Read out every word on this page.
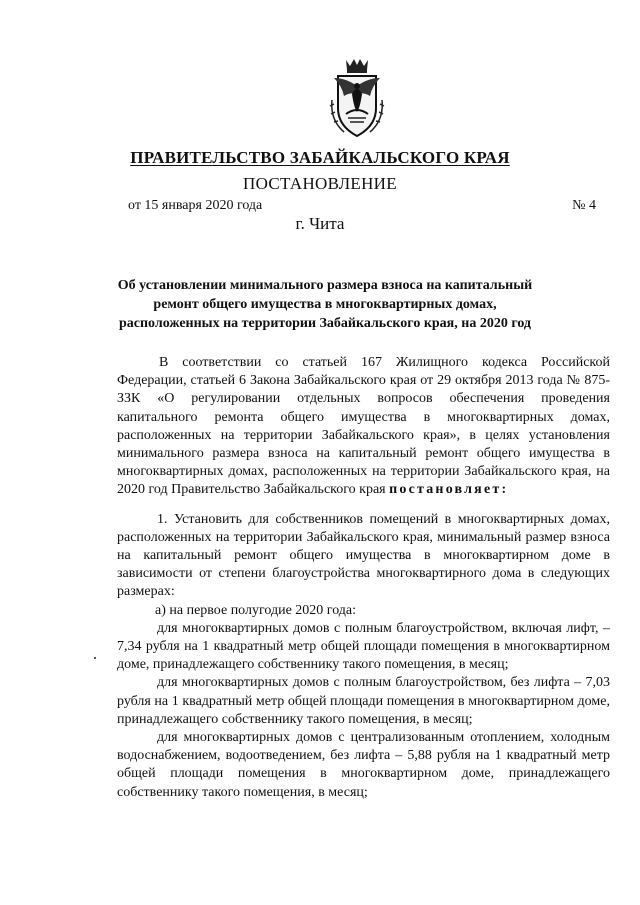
ПРАВИТЕЛЬСТВО ЗАБАЙКАЛЬСКОГО КРАЯ
ПОСТАНОВЛЕНИЕ
от 15 января 2020 года	№ 4
г. Чита
Об установлении минимального размера взноса на капитальный ремонт общего имущества в многоквартирных домах, расположенных на территории Забайкальского края, на 2020 год

В соответствии со статьей 167 Жилищного кодекса Российской Федерации, статьей 6 Закона Забайкальского края от 29 октября 2013 года № 875-ЗЗК «О регулировании отдельных вопросов обеспечения проведения капитального ремонта общего имущества в многоквартирных домах, расположенных на территории Забайкальского края», в целях установления минимального размера взноса на капитальный ремонт общего имущества в многоквартирных домах, расположенных на территории Забайкальского края, на 2020 год Правительство Забайкальского края постановляет:

1. Установить для собственников помещений в многоквартирных домах, расположенных на территории Забайкальского края, минимальный размер взноса на капитальный ремонт общего имущества в многоквартирном доме в зависимости от степени благоустройства многоквартирного дома в следующих размерах:

а) на первое полугодие 2020 года:

для многоквартирных домов с полным благоустройством, включая лифт, – 7,34 рубля на 1 квадратный метр общей площади помещения в многоквартирном доме, принадлежащего собственнику такого помещения, в месяц;

для многоквартирных домов с полным благоустройством, без лифта – 7,03 рубля на 1 квадратный метр общей площади помещения в многоквартирном доме, принадлежащего собственнику такого помещения, в месяц;

для многоквартирных домов с централизованным отоплением, холодным водоснабжением, водоотведением, без лифта – 5,88 рубля на 1 квадратный метр общей площади помещения в многоквартирном доме, принадлежащего собственнику такого помещения, в месяц;
